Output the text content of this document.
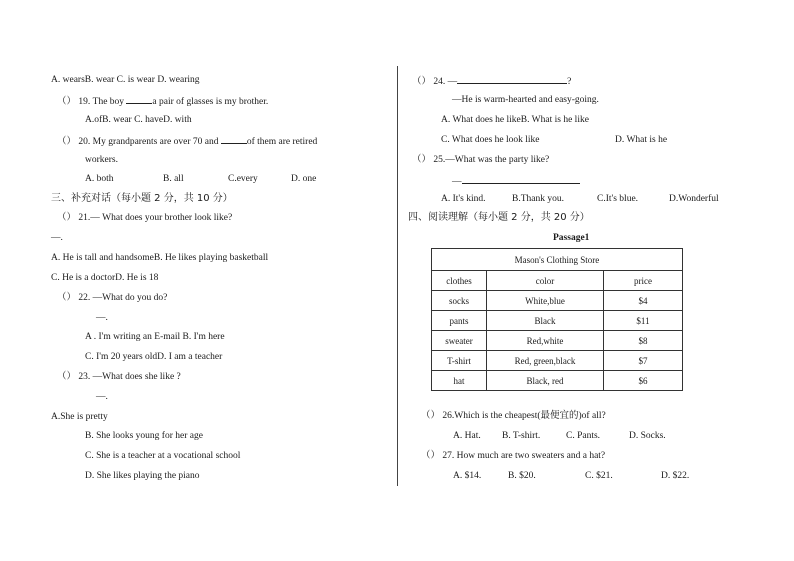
A. wearsB. wear C. is wear D. wearing
（） 19. The boy	a pair of glasses is my brother.
A.ofB. wear C. haveD. with
（） 20. My grandparents are over 70 and	of them are retired
workers.
A. both	B. all	C.every	D. one
三、补充对话（每小题 2 分，共 10 分）
（） 21.— What does your brother look like?
—.
A. He is tall and handsomeB. He likes playing basketball
C. He is a doctorD. He is 18
（） 22. —What do you do?
—.
A . I'm writing an E-mail B. I'm here
C. I'm 20 years oldD. I am a teacher
（） 23. —What does she like ?
—.
A.She is pretty
B. She looks young for her age
C. She is a teacher at a vocational school
D. She likes playing the piano
（） 24. —	?
—He is warm-hearted and easy-going.
A. What does he likeB. What is he like
C. What does he look like	D. What is he
（） 25.—What was the party like?
—
A. It's kind.	B.Thank you.	C.It's blue.	D.Wonderful
四、阅读理解（每小题 2 分，共 20 分）
Passage1
Mason's Clothing Store		
clothes	color	price
socks	White,blue	$4
pants	Black	$11
sweater	Red,white	$8
T-shirt	Red, green,black	$7
hat	Black, red	$6
（） 26.Which is the cheapest(最便宜的)of all?
A. Hat. B. T-shirt.	C. Pants.	D. Socks.
（） 27. How much are two sweaters and a hat?
A. $14.	B. $20.	C. $21.	D. $22.
